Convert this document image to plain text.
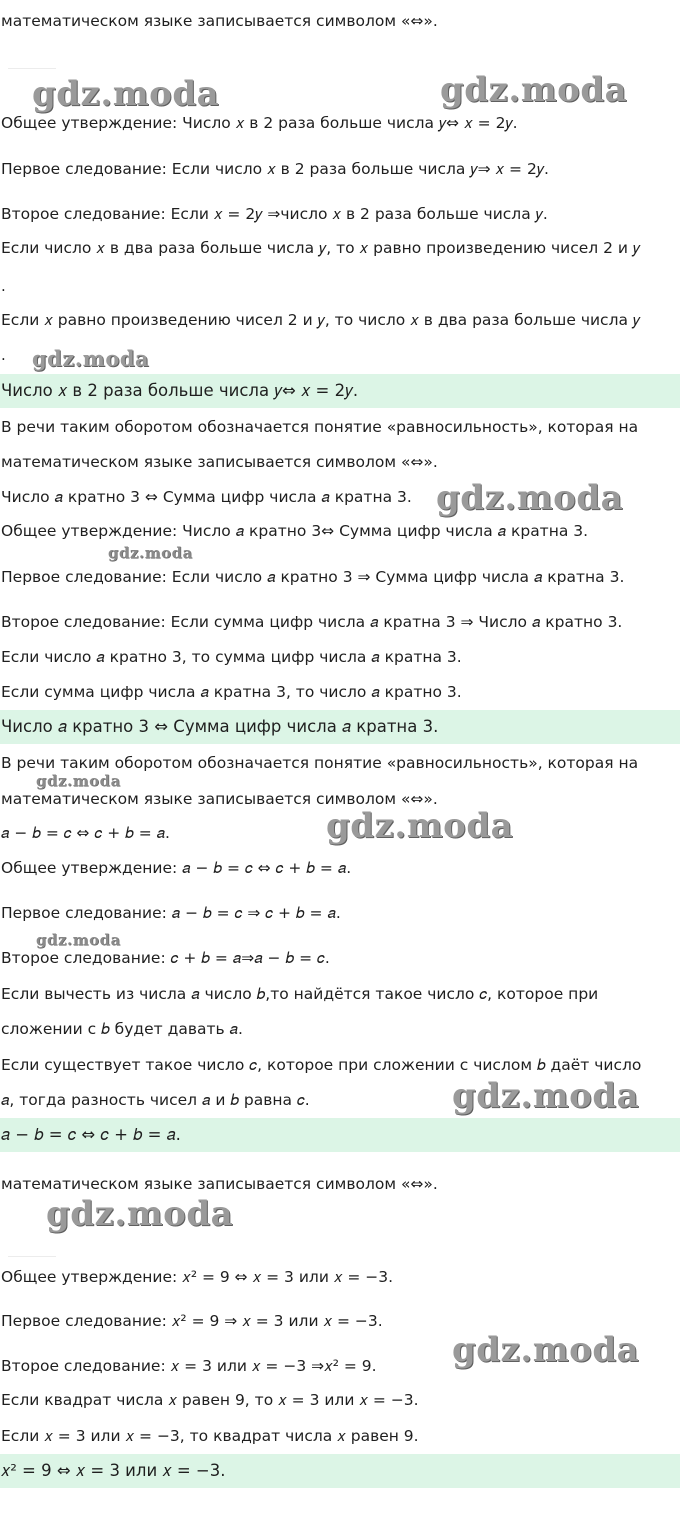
математическом языке записывается символом «⇔».
Общее утверждение: Число 𝑥 в 2 раза больше числа 𝑦⇔ 𝑥 = 2𝑦.
Первое следование: Если число 𝑥 в 2 раза больше числа 𝑦⇒ 𝑥 = 2𝑦.
Второе следование: Если 𝑥 = 2𝑦 ⇒число 𝑥 в 2 раза больше числа 𝑦.
Если число 𝑥 в два раза больше числа 𝑦, то 𝑥 равно произведению чисел 2 и 𝑦
.
Если 𝑥 равно произведению чисел 2 и 𝑦, то число 𝑥 в два раза больше числа 𝑦
.
Число 𝑥 в 2 раза больше числа 𝑦⇔ 𝑥 = 2𝑦.
В речи таким оборотом обозначается понятие «равносильность», которая на
математическом языке записывается символом «⇔».
Число 𝑎 кратно 3 ⇔ Сумма цифр числа 𝑎 кратна 3.
Общее утверждение: Число 𝑎 кратно 3⇔ Сумма цифр числа 𝑎 кратна 3.
Первое следование: Если число 𝑎 кратно 3 ⇒ Сумма цифр числа 𝑎 кратна 3.
Второе следование: Если сумма цифр числа 𝑎 кратна 3 ⇒ Число 𝑎 кратно 3.
Если число 𝑎 кратно 3, то сумма цифр числа 𝑎 кратна 3.
Если сумма цифр числа 𝑎 кратна 3, то число 𝑎 кратно 3.
Число 𝑎 кратно 3 ⇔ Сумма цифр числа 𝑎 кратна 3.
В речи таким оборотом обозначается понятие «равносильность», которая на
математическом языке записывается символом «⇔».
𝑎 − 𝑏 = 𝑐 ⇔ 𝑐 + 𝑏 = 𝑎.
Общее утверждение: 𝑎 − 𝑏 = 𝑐 ⇔ 𝑐 + 𝑏 = 𝑎.
Первое следование: 𝑎 − 𝑏 = 𝑐 ⇒ 𝑐 + 𝑏 = 𝑎.
Второе следование: 𝑐 + 𝑏 = 𝑎⇒𝑎 − 𝑏 = 𝑐.
Если вычесть из числа 𝑎 число 𝑏,то найдётся такое число 𝑐, которое при
сложении с 𝑏 будет давать 𝑎.
Если существует такое число 𝑐, которое при сложении с числом 𝑏 даёт число
𝑎, тогда разность чисел 𝑎 и 𝑏 равна 𝑐.
𝑎 − 𝑏 = 𝑐 ⇔ 𝑐 + 𝑏 = 𝑎.
математическом языке записывается символом «⇔».
Общее утверждение: 𝑥² = 9 ⇔ 𝑥 = 3 или 𝑥 = −3.
Первое следование: 𝑥² = 9 ⇒ 𝑥 = 3 или 𝑥 = −3.
Второе следование: 𝑥 = 3 или 𝑥 = −3 ⇒𝑥² = 9.
Если квадрат числа 𝑥 равен 9, то 𝑥 = 3 или 𝑥 = −3.
Если 𝑥 = 3 или 𝑥 = −3, то квадрат числа 𝑥 равен 9.
𝑥² = 9 ⇔ 𝑥 = 3 или 𝑥 = −3.
gdz.moda	gdz.moda
gdz.moda
gdz.moda
gdz.moda
gdz.moda
gdz.moda
gdz.moda
gdz.moda
gdz.moda
gdz.moda
